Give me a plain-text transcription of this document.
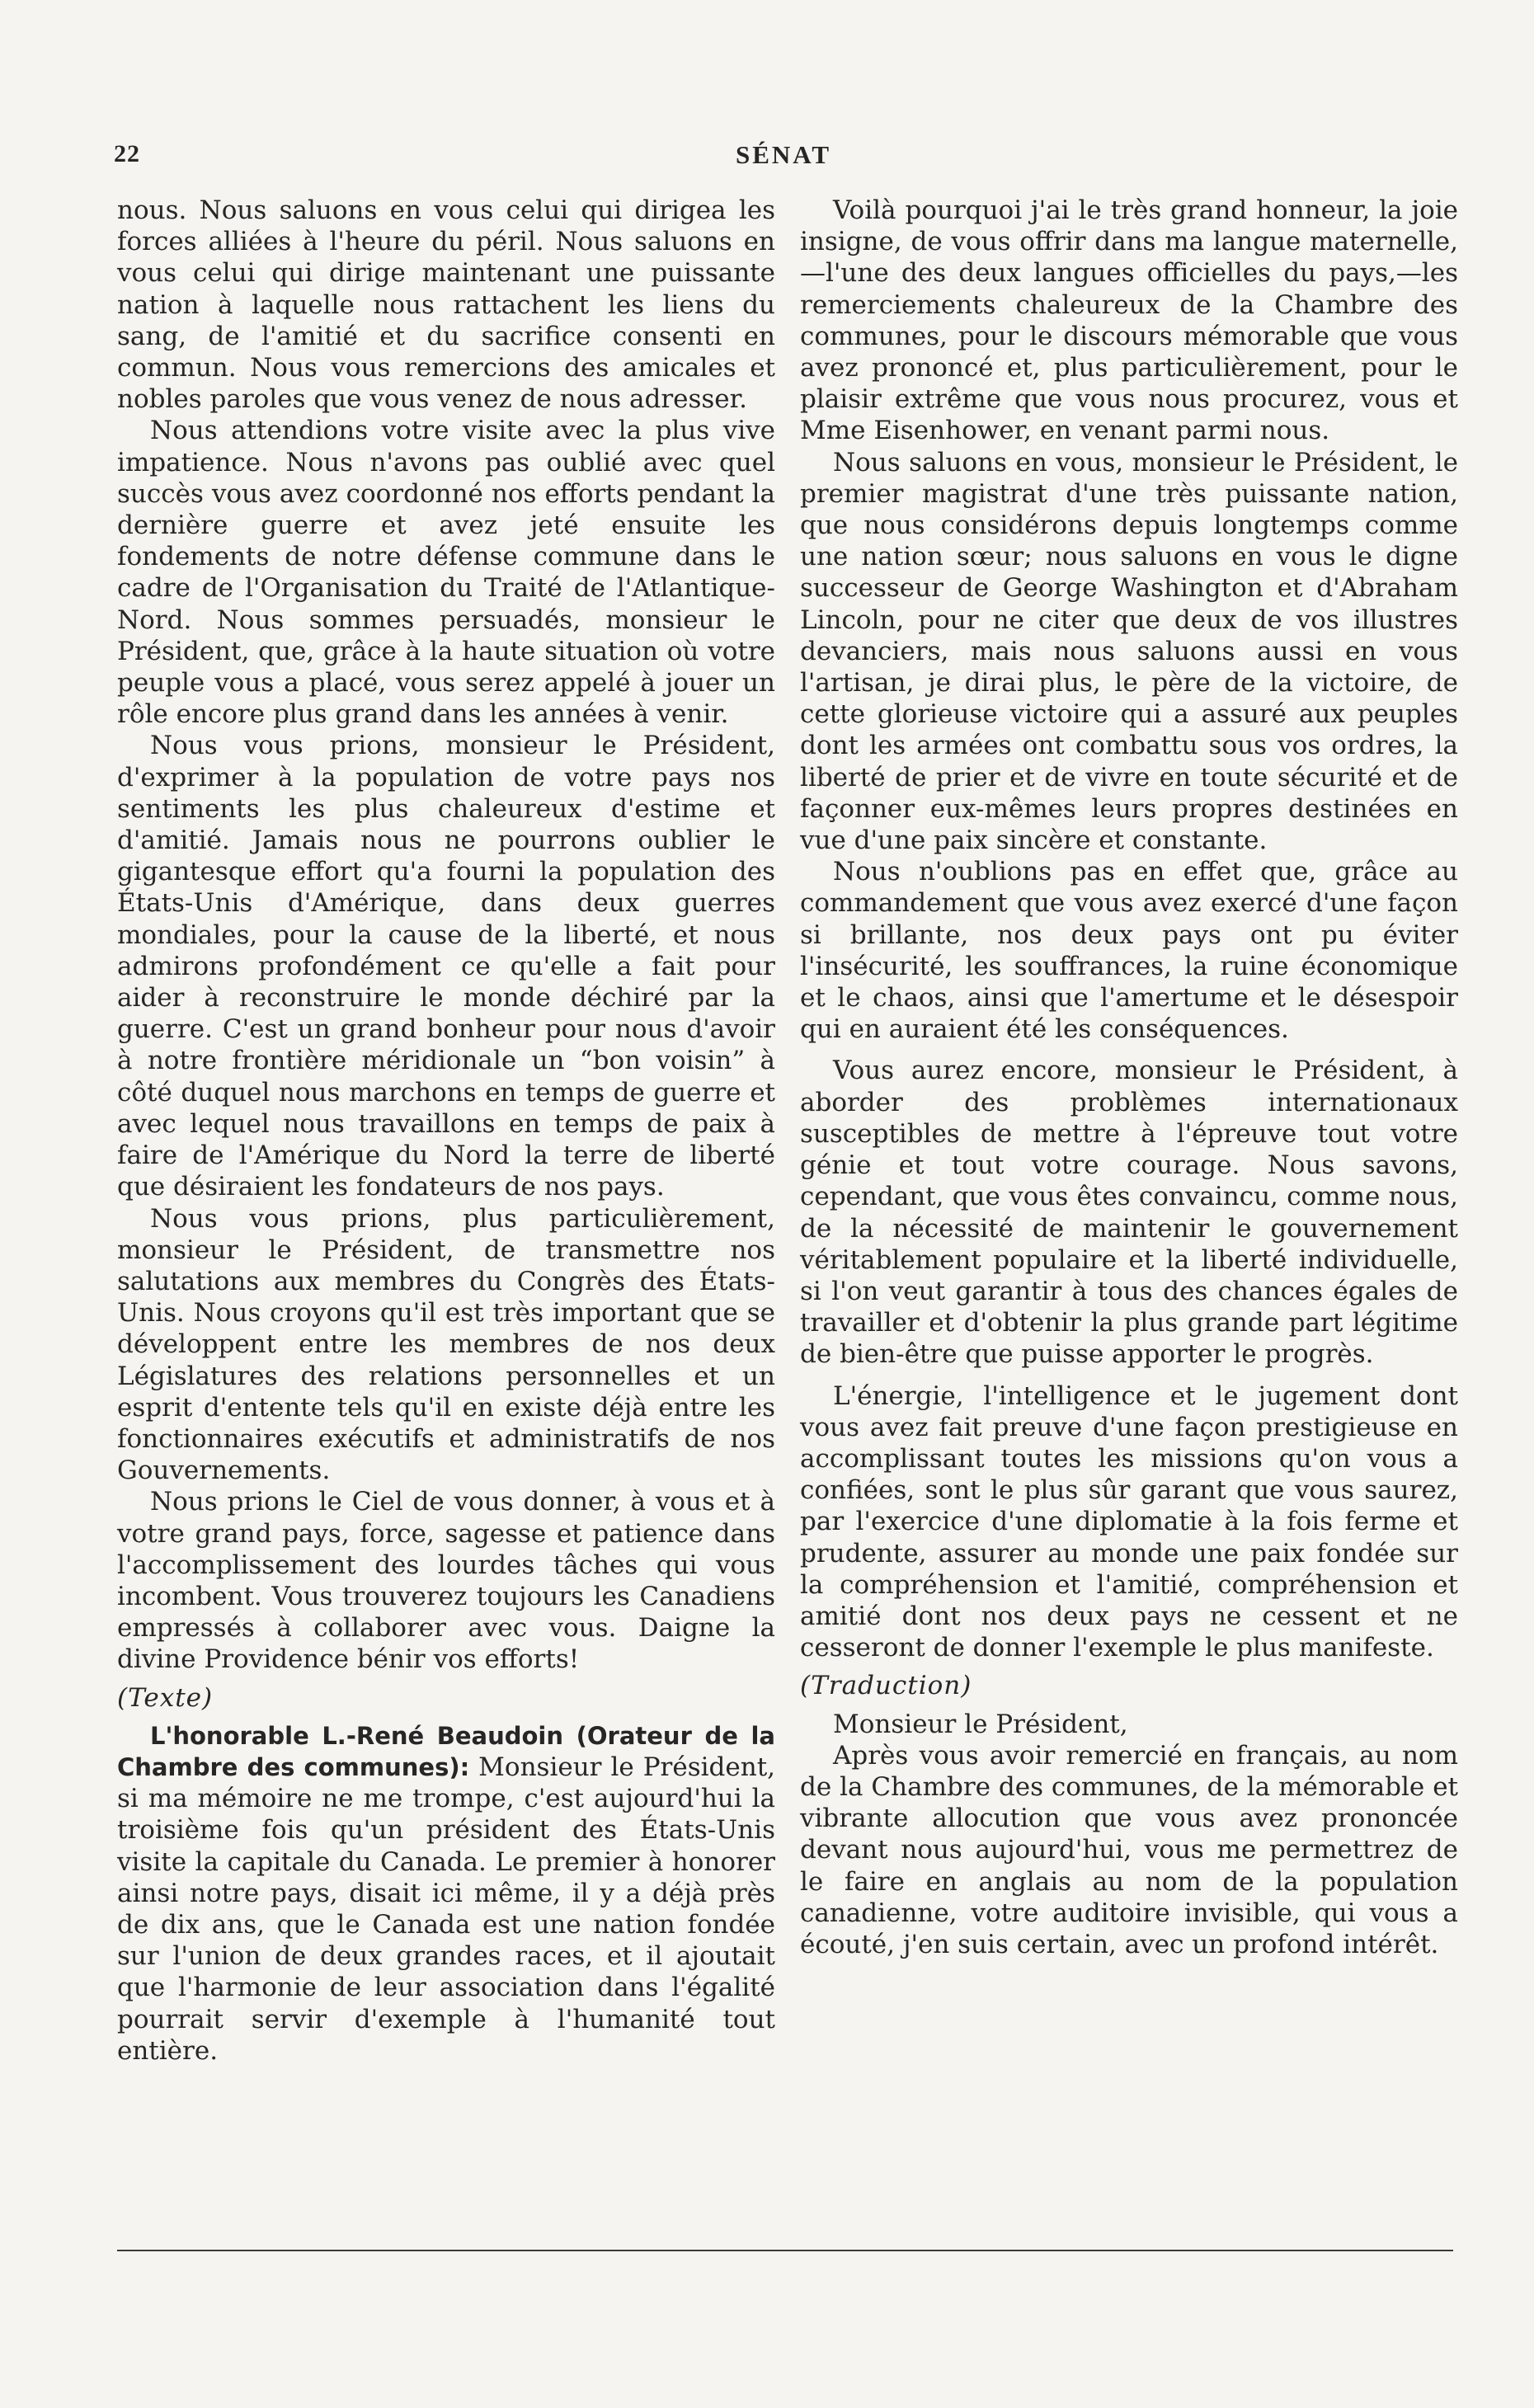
22	SÉNAT

nous. Nous saluons en vous celui qui dirigea les forces alliées à l'heure du péril. Nous saluons en vous celui qui dirige maintenant une puissante nation à laquelle nous rattachent les liens du sang, de l'amitié et du sacrifice consenti en commun. Nous vous remercions des amicales et nobles paroles que vous venez de nous adresser.

Nous attendions votre visite avec la plus vive impatience. Nous n'avons pas oublié avec quel succès vous avez coordonné nos efforts pendant la dernière guerre et avez jeté ensuite les fondements de notre défense commune dans le cadre de l'Organisation du Traité de l'Atlantique-Nord. Nous sommes persuadés, monsieur le Président, que, grâce à la haute situation où votre peuple vous a placé, vous serez appelé à jouer un rôle encore plus grand dans les années à venir.

Nous vous prions, monsieur le Président, d'exprimer à la population de votre pays nos sentiments les plus chaleureux d'estime et d'amitié. Jamais nous ne pourrons oublier le gigantesque effort qu'a fourni la population des États-Unis d'Amérique, dans deux guerres mondiales, pour la cause de la liberté, et nous admirons profondément ce qu'elle a fait pour aider à reconstruire le monde déchiré par la guerre. C'est un grand bonheur pour nous d'avoir à notre frontière méridionale un “bon voisin” à côté duquel nous marchons en temps de guerre et avec lequel nous travaillons en temps de paix à faire de l'Amérique du Nord la terre de liberté que désiraient les fondateurs de nos pays.

Nous vous prions, plus particulièrement, monsieur le Président, de transmettre nos salutations aux membres du Congrès des États-Unis. Nous croyons qu'il est très important que se développent entre les membres de nos deux Législatures des relations personnelles et un esprit d'entente tels qu'il en existe déjà entre les fonctionnaires exécutifs et administratifs de nos Gouvernements.

Nous prions le Ciel de vous donner, à vous et à votre grand pays, force, sagesse et patience dans l'accomplissement des lourdes tâches qui vous incombent. Vous trouverez toujours les Canadiens empressés à collaborer avec vous. Daigne la divine Providence bénir vos efforts!

(Texte)

L'honorable L.-René Beaudoin (Orateur de la Chambre des communes): Monsieur le Président, si ma mémoire ne me trompe, c'est aujourd'hui la troisième fois qu'un président des États-Unis visite la capitale du Canada. Le premier à honorer ainsi notre pays, disait ici même, il y a déjà près de dix ans, que le Canada est une nation fondée sur l'union de deux grandes races, et il ajoutait que l'harmonie de leur association dans l'égalité pourrait servir d'exemple à l'humanité tout entière.

Voilà pourquoi j'ai le très grand honneur, la joie insigne, de vous offrir dans ma langue maternelle,—l'une des deux langues officielles du pays,—les remerciements chaleureux de la Chambre des communes, pour le discours mémorable que vous avez prononcé et, plus particulièrement, pour le plaisir extrême que vous nous procurez, vous et Mme Eisenhower, en venant parmi nous.

Nous saluons en vous, monsieur le Président, le premier magistrat d'une très puissante nation, que nous considérons depuis longtemps comme une nation sœur; nous saluons en vous le digne successeur de George Washington et d'Abraham Lincoln, pour ne citer que deux de vos illustres devanciers, mais nous saluons aussi en vous l'artisan, je dirai plus, le père de la victoire, de cette glorieuse victoire qui a assuré aux peuples dont les armées ont combattu sous vos ordres, la liberté de prier et de vivre en toute sécurité et de façonner eux-mêmes leurs propres destinées en vue d'une paix sincère et constante.

Nous n'oublions pas en effet que, grâce au commandement que vous avez exercé d'une façon si brillante, nos deux pays ont pu éviter l'insécurité, les souffrances, la ruine économique et le chaos, ainsi que l'amertume et le désespoir qui en auraient été les conséquences.

Vous aurez encore, monsieur le Président, à aborder des problèmes internationaux susceptibles de mettre à l'épreuve tout votre génie et tout votre courage. Nous savons, cependant, que vous êtes convaincu, comme nous, de la nécessité de maintenir le gouvernement véritablement populaire et la liberté individuelle, si l'on veut garantir à tous des chances égales de travailler et d'obtenir la plus grande part légitime de bien-être que puisse apporter le progrès.

L'énergie, l'intelligence et le jugement dont vous avez fait preuve d'une façon prestigieuse en accomplissant toutes les missions qu'on vous a confiées, sont le plus sûr garant que vous saurez, par l'exercice d'une diplomatie à la fois ferme et prudente, assurer au monde une paix fondée sur la compréhension et l'amitié, compréhension et amitié dont nos deux pays ne cessent et ne cesseront de donner l'exemple le plus manifeste.

(Traduction)

Monsieur le Président,

Après vous avoir remercié en français, au nom de la Chambre des communes, de la mémorable et vibrante allocution que vous avez prononcée devant nous aujourd'hui, vous me permettrez de le faire en anglais au nom de la population canadienne, votre auditoire invisible, qui vous a écouté, j'en suis certain, avec un profond intérêt.
